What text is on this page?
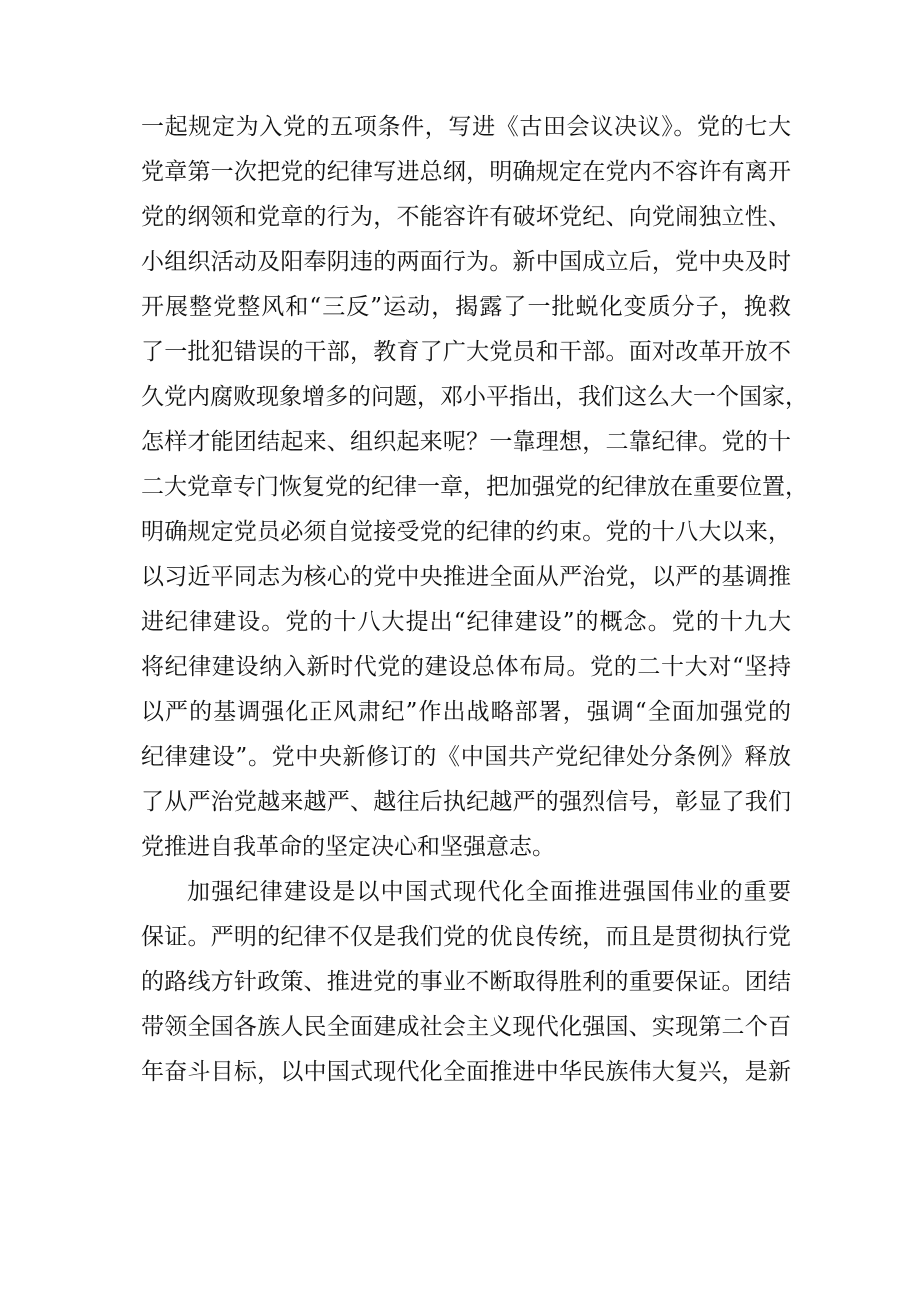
一起规定为入党的五项条件，写进《古田会议决议》。党的七大
党章第一次把党的纪律写进总纲，明确规定在党内不容许有离开
党的纲领和党章的行为，不能容许有破坏党纪、向党闹独立性、
小组织活动及阳奉阴违的两面行为。新中国成立后，党中央及时
开展整党整风和“三反”运动，揭露了一批蜕化变质分子，挽救
了一批犯错误的干部，教育了广大党员和干部。面对改革开放不
久党内腐败现象增多的问题，邓小平指出，我们这么大一个国家，
怎样才能团结起来、组织起来呢？一靠理想，二靠纪律。党的十
二大党章专门恢复党的纪律一章，把加强党的纪律放在重要位置，
明确规定党员必须自觉接受党的纪律的约束。党的十八大以来，
以习近平同志为核心的党中央推进全面从严治党，以严的基调推
进纪律建设。党的十八大提出“纪律建设”的概念。党的十九大
将纪律建设纳入新时代党的建设总体布局。党的二十大对“坚持
以严的基调强化正风肃纪”作出战略部署，强调“全面加强党的
纪律建设”。党中央新修订的《中国共产党纪律处分条例》释放
了从严治党越来越严、越往后执纪越严的强烈信号，彰显了我们
党推进自我革命的坚定决心和坚强意志。
加强纪律建设是以中国式现代化全面推进强国伟业的重要
保证。严明的纪律不仅是我们党的优良传统，而且是贯彻执行党
的路线方针政策、推进党的事业不断取得胜利的重要保证。团结
带领全国各族人民全面建成社会主义现代化强国、实现第二个百
年奋斗目标，以中国式现代化全面推进中华民族伟大复兴，是新
